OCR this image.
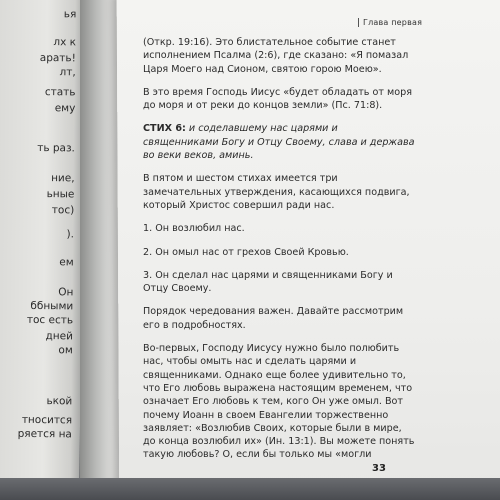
ья
лх к
арать!
лт,
стать
ему
ть раз.
ние,
ьные
тос)
).
ем
Он
ббными
тос есть
дней
ом
ькой
тносится
ряется на
Глава первая

(Откр. 19:16). Это блистательное событие станет исполнением Псалма (2:6), где сказано: «Я помазал Царя Моего над Сионом, святою горою Моею».

В это время Господь Иисус «будет обладать от моря до моря и от реки до концов земли» (Пс. 71:8).

СТИХ 6: и соделавшему нас царями и священниками Богу и Отцу Своему, слава и держава во веки веков, аминь.

В пятом и шестом стихах имеется три замечательных утверждения, касающихся подвига, который Христос совершил ради нас.

1. Он возлюбил нас.

2. Он омыл нас от грехов Своей Кровью.

3. Он сделал нас царями и священниками Богу и Отцу Своему.

Порядок чередования важен. Давайте рассмотрим его в подробностях.

Во-первых, Господу Иисусу нужно было полюбить нас, чтобы омыть нас и сделать царями и священниками. Однако еще более удивительно то, что Его любовь выражена настоящим временем, что означает Его любовь к тем, кого Он уже омыл. Вот почему Иоанн в своем Евангелии торжественно заявляет: «Возлюбив Своих, которые были в мире, до конца возлюбил их» (Ин. 13:1). Вы можете понять такую любовь? О, если бы только мы «могли

33
